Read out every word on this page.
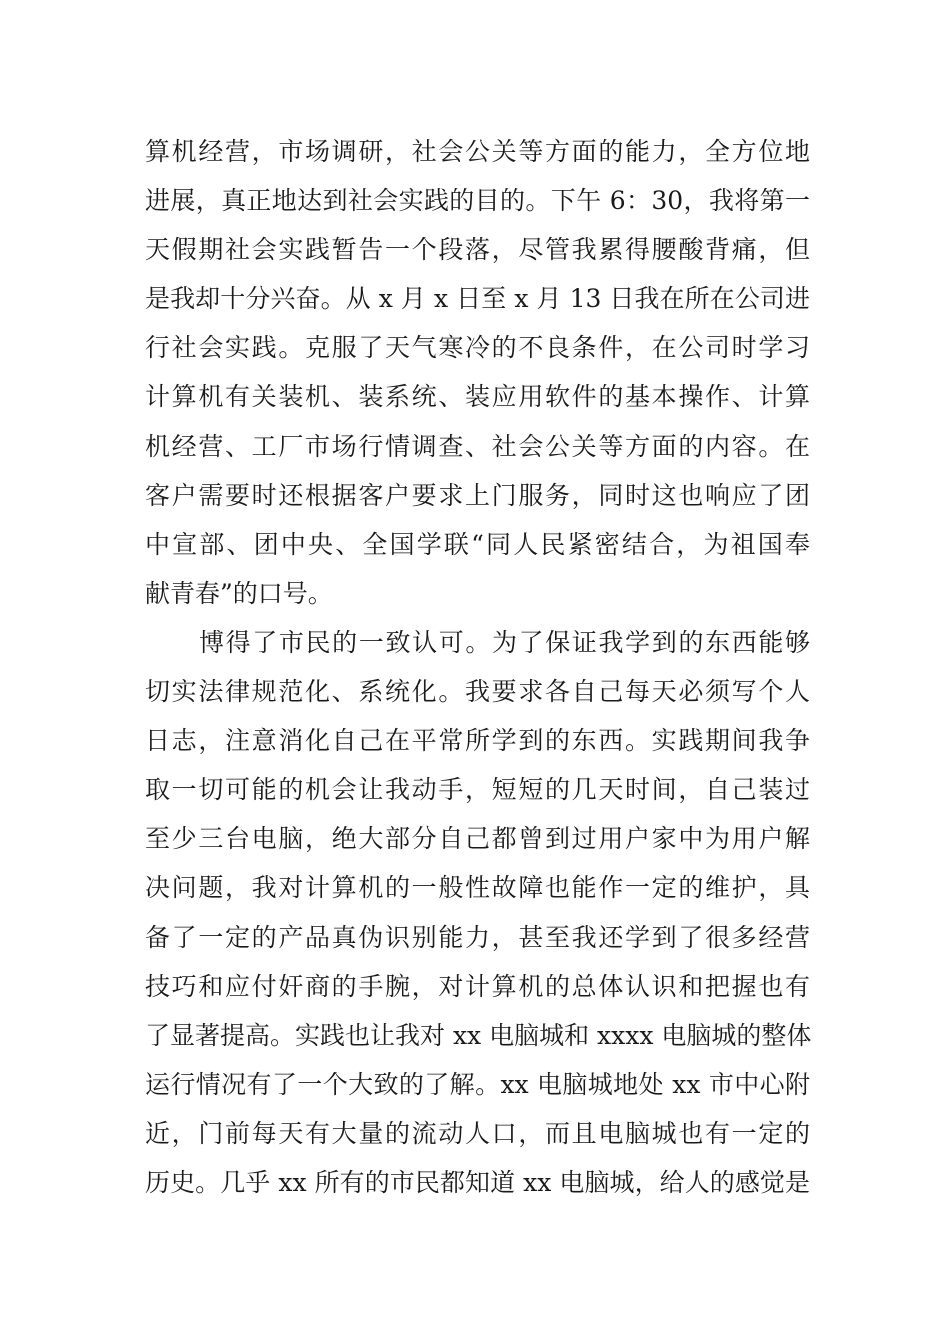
算机经营，市场调研，社会公关等方面的能力，全方位地
进展，真正地达到社会实践的目的。下午 6：30，我将第一
天假期社会实践暂告一个段落，尽管我累得腰酸背痛，但
是我却十分兴奋。从 x 月 x 日至 x 月 13 日我在所在公司进
行社会实践。克服了天气寒冷的不良条件，在公司时学习
计算机有关装机、装系统、装应用软件的基本操作、计算
机经营、工厂市场行情调查、社会公关等方面的内容。在
客户需要时还根据客户要求上门服务，同时这也响应了团
中宣部、团中央、全国学联“同人民紧密结合，为祖国奉
献青春”的口号。
博得了市民的一致认可。为了保证我学到的东西能够
切实法律规范化、系统化。我要求各自己每天必须写个人
日志，注意消化自己在平常所学到的东西。实践期间我争
取一切可能的机会让我动手，短短的几天时间，自己装过
至少三台电脑，绝大部分自己都曾到过用户家中为用户解
决问题，我对计算机的一般性故障也能作一定的维护，具
备了一定的产品真伪识别能力，甚至我还学到了很多经营
技巧和应付奸商的手腕，对计算机的总体认识和把握也有
了显著提高。实践也让我对 xx 电脑城和 xxxx 电脑城的整体
运行情况有了一个大致的了解。xx 电脑城地处 xx 市中心附
近，门前每天有大量的流动人口，而且电脑城也有一定的
历史。几乎 xx 所有的市民都知道 xx 电脑城，给人的感觉是
